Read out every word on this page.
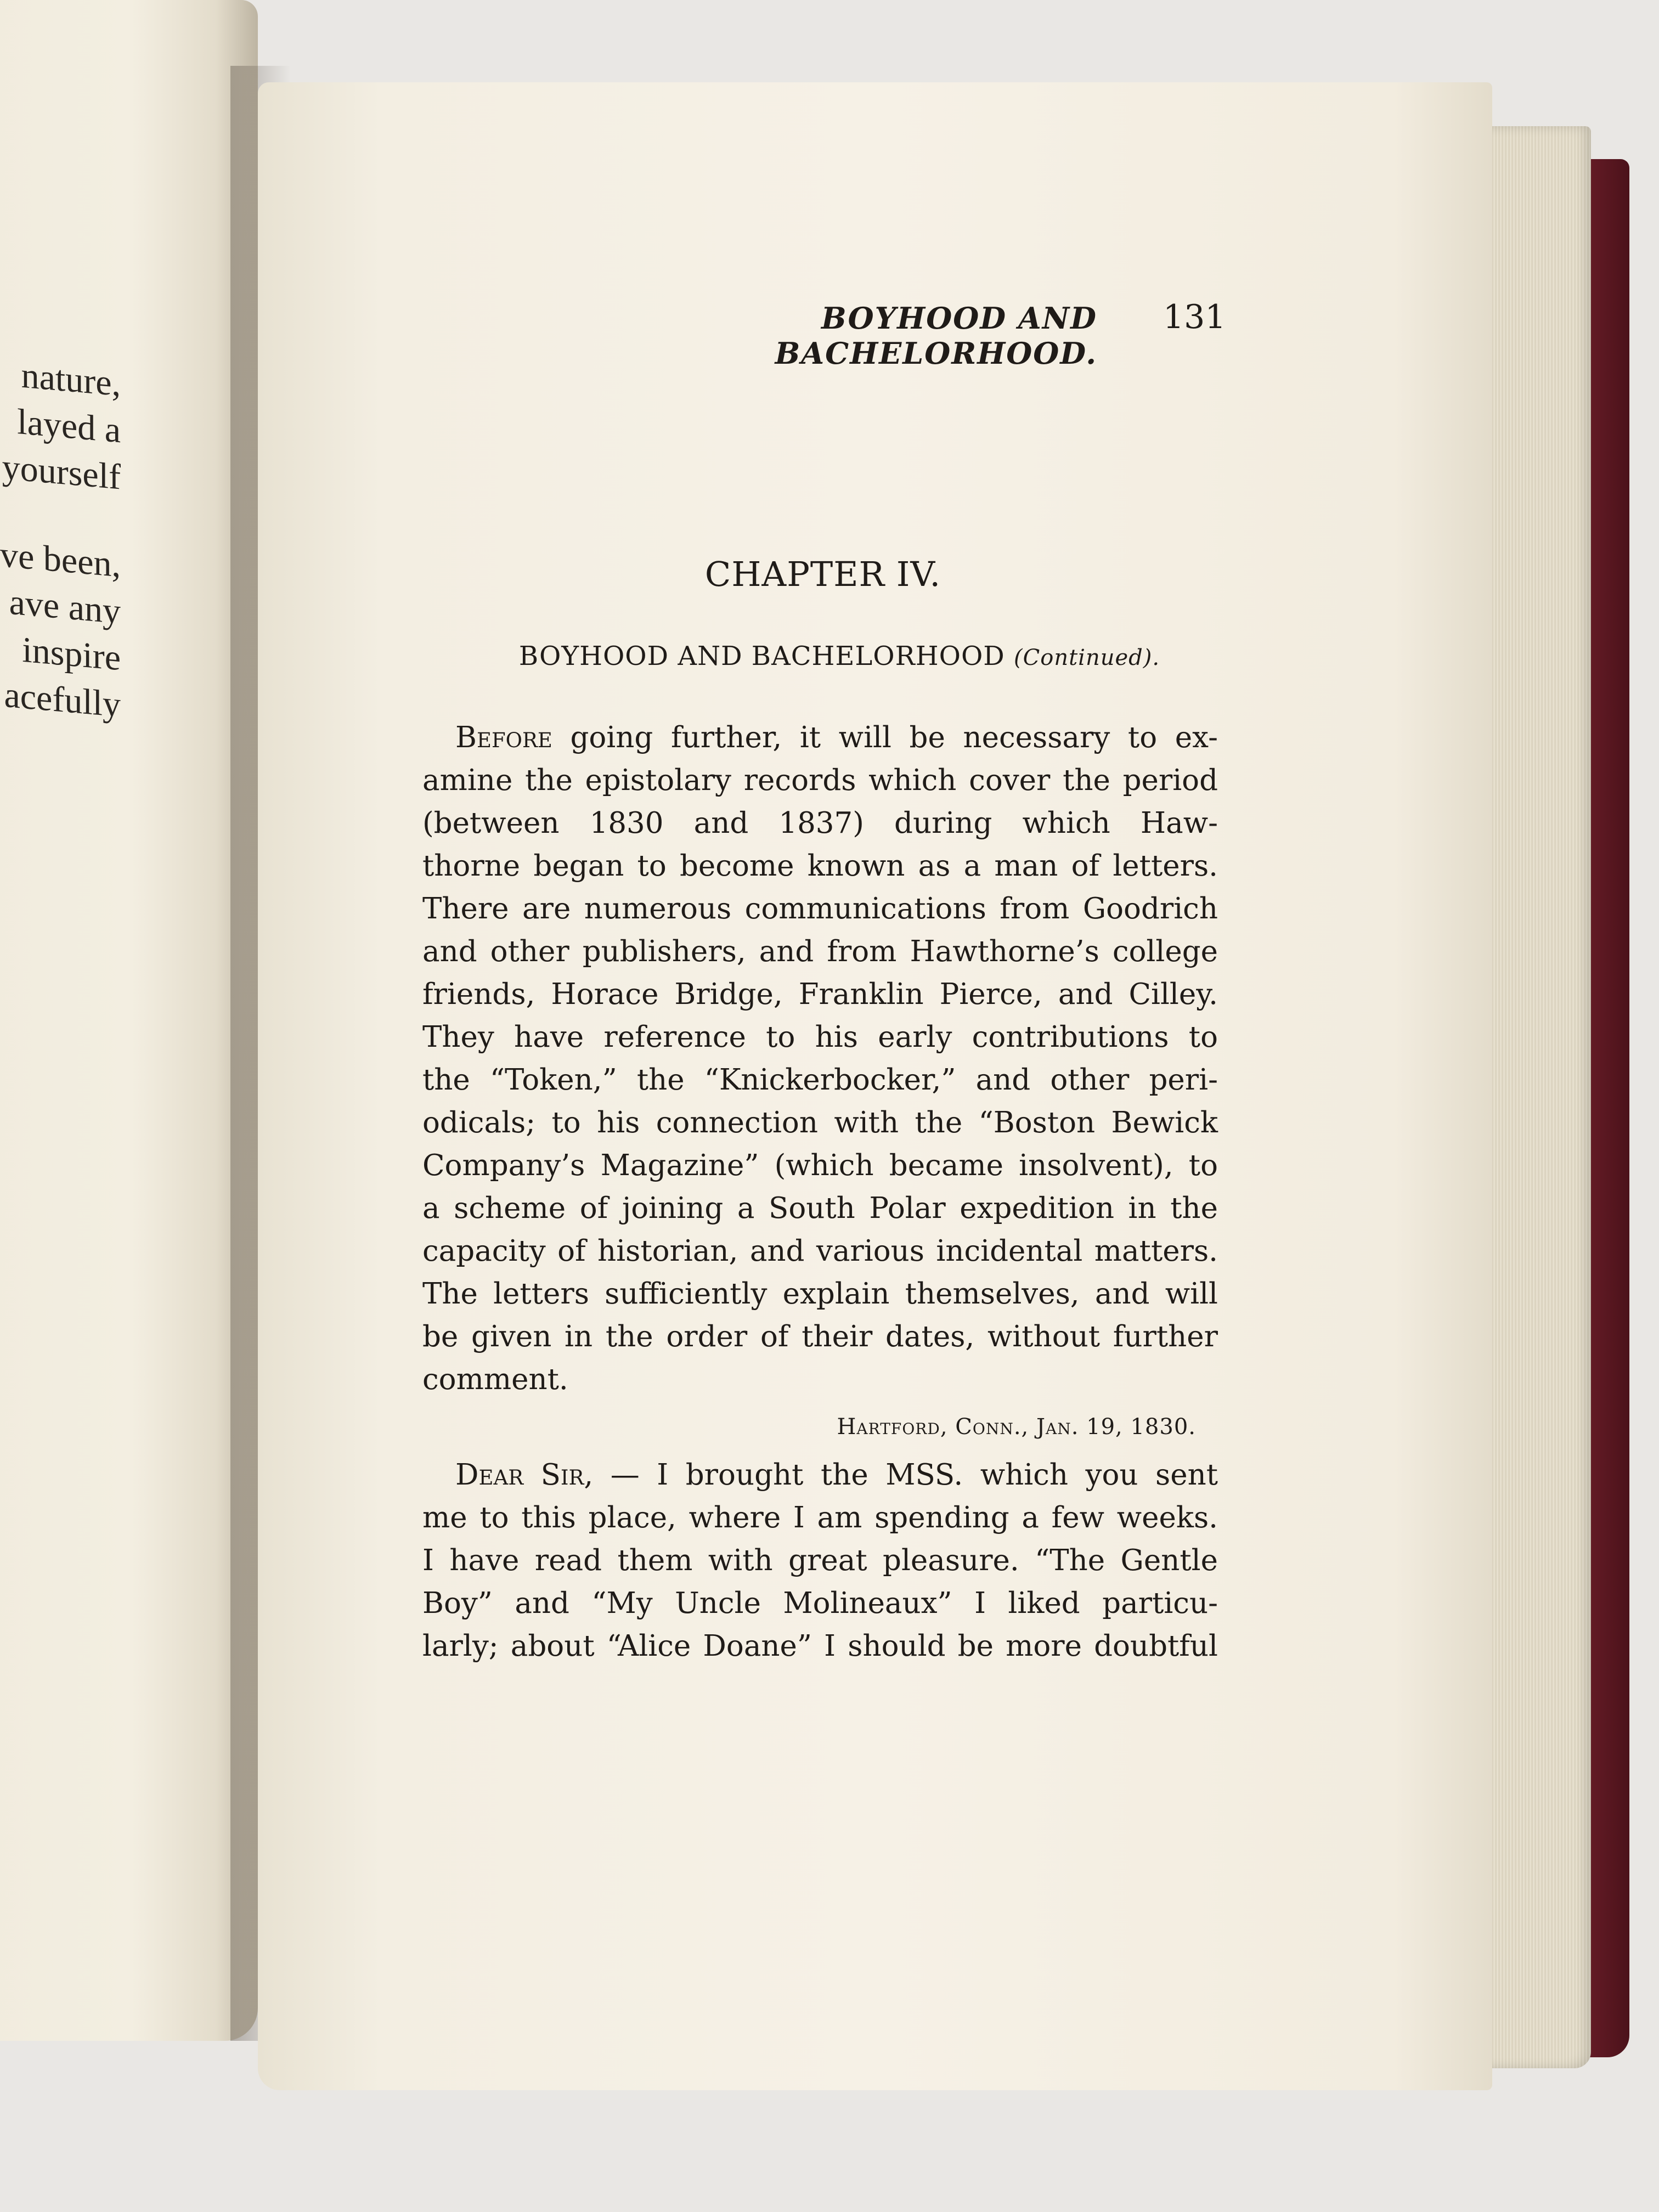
nature,
layed a
yourself
ve been,
ave any
inspire
acefully
BOYHOOD AND BACHELORHOOD.
131
CHAPTER IV.
BOYHOOD AND BACHELORHOOD (Continued).
Before going further, it will be necessary to ex-
amine the epistolary records which cover the period
(between 1830 and 1837) during which Haw-
thorne began to become known as a man of letters.
There are numerous communications from Goodrich
and other publishers, and from Hawthorne’s college
friends, Horace Bridge, Franklin Pierce, and Cilley.
They have reference to his early contributions to
the “Token,” the “Knickerbocker,” and other peri-
odicals; to his connection with the “Boston Bewick
Company’s Magazine” (which became insolvent), to
a scheme of joining a South Polar expedition in the
capacity of historian, and various incidental matters.
The letters sufficiently explain themselves, and will
be given in the order of their dates, without further
comment.
Hartford, Conn., Jan. 19, 1830.
Dear Sir, — I brought the MSS. which you sent
me to this place, where I am spending a few weeks.
I have read them with great pleasure. “The Gentle
Boy” and “My Uncle Molineaux” I liked particu-
larly; about “Alice Doane” I should be more doubtful
